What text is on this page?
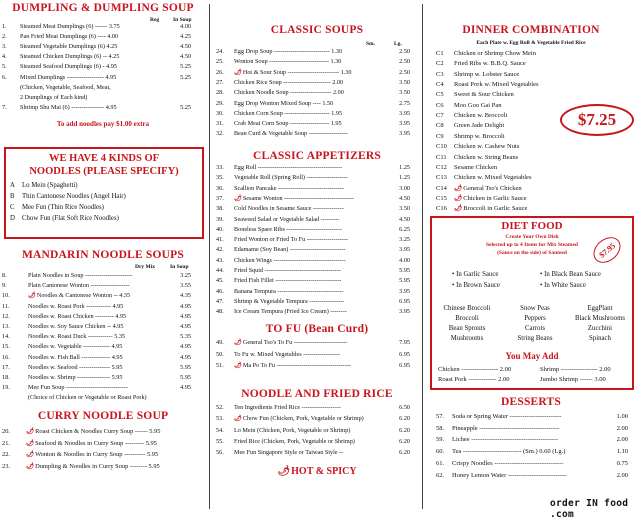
DUMPLING & DUMPLING SOUP
Reg	In Soup
1. Steamed Meat Dumplings (6) ------ 3.75	4.00
2. Pan Fried Meat Dumplings (6) ---- 4.00	4.25
3. Steamed Vegetable Dumplings (6) 4.25	4.50
4. Steamed Chicken Dumplings (6) -- 4.25	4.50
5. Steamed Seafood Dumplings (6) - 4.95	5.25
6. Mixed Dumplings ------------------ 4.95	5.25
(Chicken, Vegetable, Seafood, Meat,
2 Dumplings of Each kind)
7. Shrimp Shu Mai (6) ---------------- 4.95	5.25
To add noodles pay $1.00 extra
WE HAVE 4 KINDS OF
NOODLES (PLEASE SPECIFY)
A Lo Mein (Spaghetti)
B Thin Cantonese Noodles (Angel Hair)
C Mee Fun (Thin Rice Noodles)
D Chow Fun (Flat Soft Rice Noodles)
MANDARIN NOODLE SOUPS
Dry Mix	In Soup
8.	Plain Noodles in Soup -----------------------	3.25
9.	Plain Cantonese Wonton -------------------	3.55
10.	🌶︎Noodles & Cantonese Wonton -- 4.35	4.35
11.	Noodles w. Roast Pork ------------ 4.95	4.95
12.	Noodles w. Roast Chicken --------- 4.95	4.95
13.	Noodles w. Soy Sauce Chicken -- 4.95	4.95
14.	Noodles w. Roast Duck ------------ 5.35	5.35
15.	Noodles w. Vegetable ------------- 4.95	4.95
16.	Noodles w. Fish Ball -------------- 4.95	4.95
17.	Noodles w. Seafood --------------- 5.95	5.95
18.	Noodles w. Shrimp ---------------- 5.95	5.95
19.	Mee Fun Soup ------------------------------	4.95
(Choice of Chicken or Vegetable or Roast Pork)
CURRY NOODLE SOUP
20.	🌶︎Roast Chicken & Noodles Curry Soup ------ 5.95
21.	🌶︎Seafood & Noodles in Curry Soup --------- 5.95
22.	🌶︎Wonton & Noodles in Curry Soup ---------- 5.95
23.	🌶︎Dumpling & Noodles in Curry Soup -------- 5.95
CLASSIC SOUPS
Sm.	Lg.
24. Egg Drop Soup --------------------------- 1.30	2.50
25. Wonton Soup ----------------------------- 1.30	2.50
26. 🌶︎Hot & Sour Soup ------------------------- 1.30	2.50
27. Chicken Rice Soup ----------------------- 2.00	3.50
28. Chicken Noodle Soup -------------------- 2.00	3.50
29. Egg Drop Wonton Mixed Soup ---- 1.50	2.75
30. Chicken Corn Soup ---------------------- 1.95	3.95
31. Crab Meat Corn Soup ------------------- 1.95	3.95
32. Bean Curd & Vegetable Soup -------------------	3.95
CLASSIC APPETIZERS
33. Egg Roll -----------------------------------------	1.25
35. Vegetable Roll (Spring Roll) --------------------	1.25
36. Scallion Pancake --------------------------------	3.00
37. 🌶︎Sesame Wonton ----------------------------------	4.50
38. Cold Noodles in Sesame Sauce ---------------	3.50
39. Seaweed Salad or Vegetable Salad ---------	4.50
40. Boneless Spare Ribs ---------------------------	6.25
41. Fried Wonton or Fried To Fu --------------------	3.25
42. Edamame (Soy Bean) ---------------------------	3.95
43. Chicken Wings -----------------------------------	4.00
44. Fried Squid -------------------------------------	5.95
45. Fried Fish Fillet --------------------------------	5.95
46. Banana Tempura --------------------------------	3.95
47. Shrimp & Vegetable Tempura -----------------	6.95
48. Ice Cream Tempura (Fried Ice Cream) --------	3.95
TO FU (Bean Curd)
49. 🌶︎General Tso's To Fu --------------------------	7.95
50. To Fu w. Mixed Vegetables ------------------	6.95
51. 🌶︎Ma Po To Fu ------------------------------------	6.95
NOODLE AND FRIED RICE
52. Ten Ingredients Fried Rice -------------------	6.50
53. 🌶︎Chow Fun (Chicken, Pork, Vegetable or Shrimp)	6.20
54. Lo Mein (Chicken, Pork, Vegetable or Shrimp)	6.20
55. Fried Rice (Chicken, Pork, Vegetable or Shrimp)	6.20
56. Mee Fun Singapore Style or Taiwan Style --	6.20
🌶︎HOT & SPICY
DINNER COMBINATION
Each Plate w. Egg Roll & Vegetable Fried Rice
C1 Chicken or Shrimp Chow Mein
C2 Fried Ribs w. B.B.Q. Sauce
C3 Shrimp w. Lobster Sauce
C4 Roast Pork w. Mixed Vegetables
C5 Sweet & Sour Chicken
C6 Moo Goo Gai Pan
C7 Chicken w. Broccoli
C8 Green Jade Delight
C9 Shrimp w. Broccoli
C10 Chicken w. Cashew Nuts
C11 Chicken w. String Beans
C12 Sesame Chicken
C13 Chicken w. Mixed Vegetables
C14 🌶︎General Tso's Chicken
C15 🌶︎Chicken in Garlic Sauce
C16 🌶︎Broccoli in Garlic Sauce
$7.25
DIET FOOD
Create Your Own Dish
Selected up to 4 Items for Mix Steamed
(Sauce on the side) of Sauteed	$7.95
• In Garlic Sauce	• In Black Bean Sauce
• In Brown Sauce	• In White Sauce
Chinese Broccoli	Snow Peas	EggPlant
Broccoli	Peppers	Black Mushrooms
Bean Sprouts	Carrots	Zucchini
Mushrooms	String Beans	Spinach
You May Add
Chicken ----------------- 2.00	Shrimp ----------------- 2.00
Roast Pork ------------- 2.00	Jumbo Shrimp ------ 3.00
DESSERTS
57. Soda or Spring Water ------------------------	1.00
58. Pineapple -------------------------------------	2.00
59. Lichee ----------------------------------------	2.00
60. Tea --------------------------- (Sm.) 0.60 (Lg.)	1.10
61. Crispy Noodles --------------------------------	0.75
62. Honey Lemon Water ---------------------------	2.00
order IN food .com
